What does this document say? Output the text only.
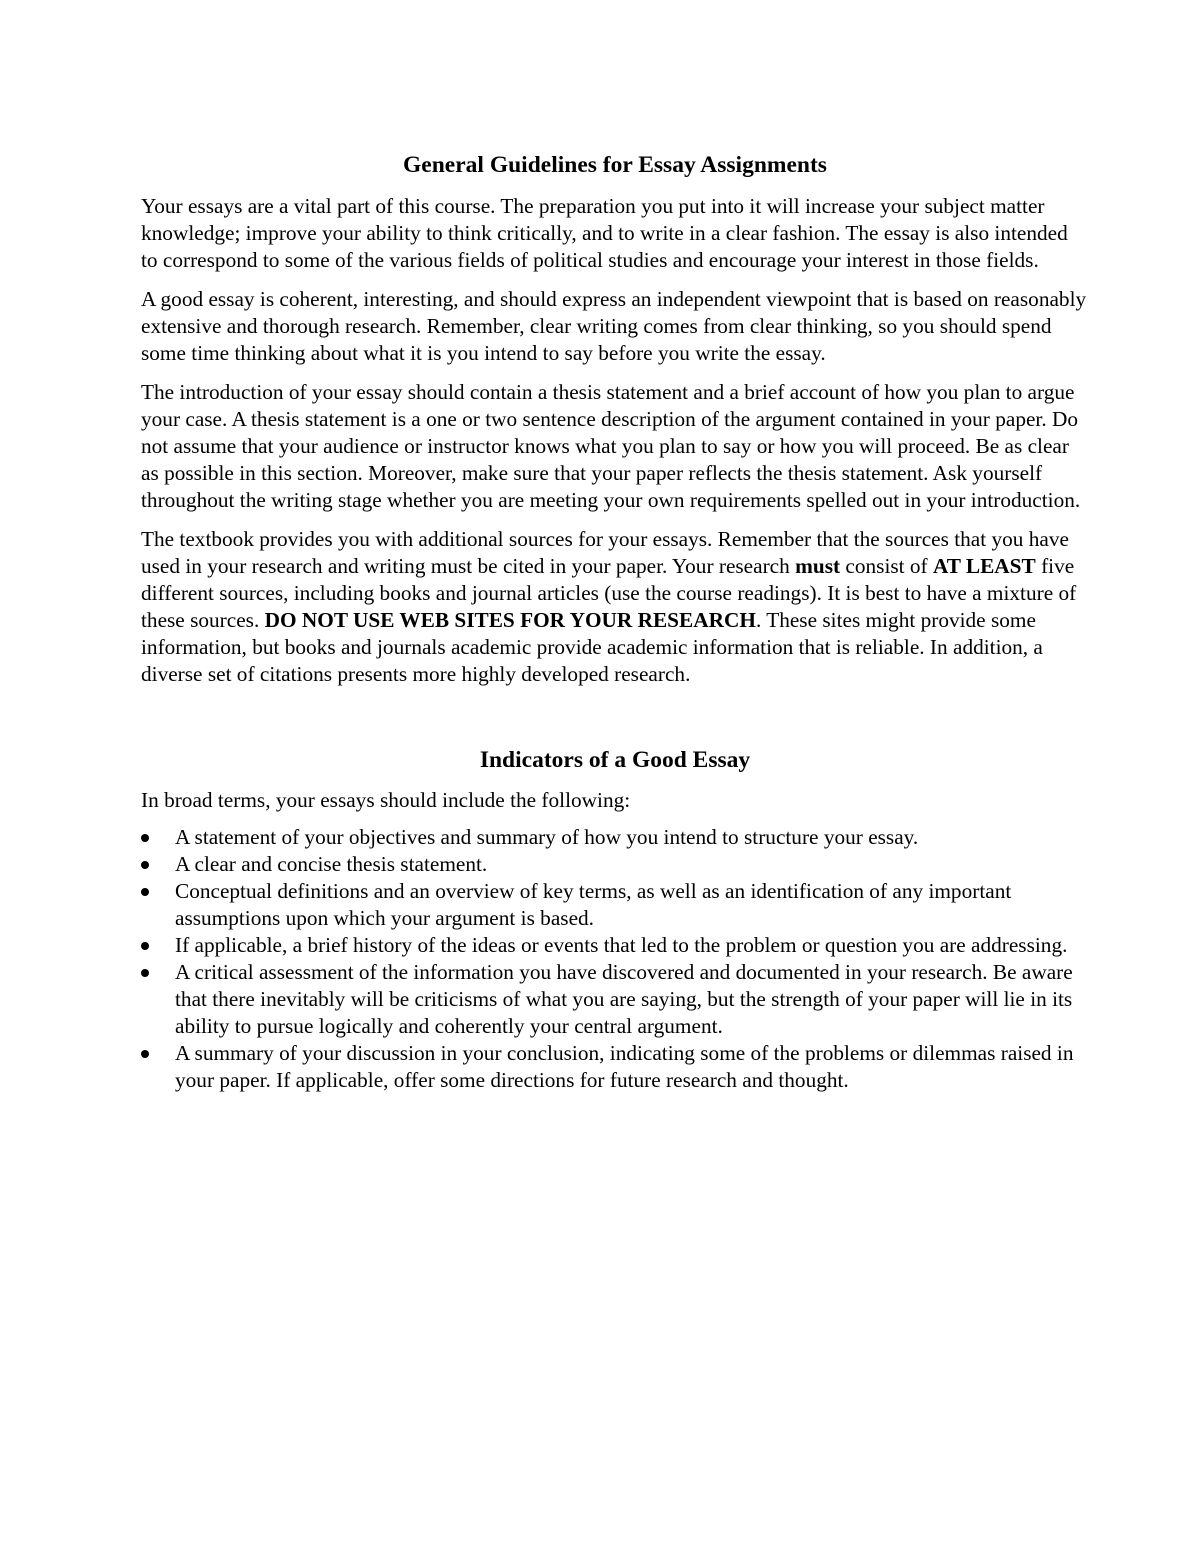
General Guidelines for Essay Assignments

Your essays are a vital part of this course. The preparation you put into it will increase your subject matter knowledge; improve your ability to think critically, and to write in a clear fashion. The essay is also intended to correspond to some of the various fields of political studies and encourage your interest in those fields.

A good essay is coherent, interesting, and should express an independent viewpoint that is based on reasonably extensive and thorough research. Remember, clear writing comes from clear thinking, so you should spend some time thinking about what it is you intend to say before you write the essay.

The introduction of your essay should contain a thesis statement and a brief account of how you plan to argue your case. A thesis statement is a one or two sentence description of the argument contained in your paper. Do not assume that your audience or instructor knows what you plan to say or how you will proceed. Be as clear as possible in this section. Moreover, make sure that your paper reflects the thesis statement. Ask yourself throughout the writing stage whether you are meeting your own requirements spelled out in your introduction.

The textbook provides you with additional sources for your essays. Remember that the sources that you have used in your research and writing must be cited in your paper. Your research must consist of AT LEAST five different sources, including books and journal articles (use the course readings). It is best to have a mixture of these sources. DO NOT USE WEB SITES FOR YOUR RESEARCH. These sites might provide some information, but books and journals academic provide academic information that is reliable. In addition, a diverse set of citations presents more highly developed research.

Indicators of a Good Essay

In broad terms, your essays should include the following:

A statement of your objectives and summary of how you intend to structure your essay.
A clear and concise thesis statement.
Conceptual definitions and an overview of key terms, as well as an identification of any important assumptions upon which your argument is based.
If applicable, a brief history of the ideas or events that led to the problem or question you are addressing.
A critical assessment of the information you have discovered and documented in your research. Be aware that there inevitably will be criticisms of what you are saying, but the strength of your paper will lie in its ability to pursue logically and coherently your central argument.
A summary of your discussion in your conclusion, indicating some of the problems or dilemmas raised in your paper. If applicable, offer some directions for future research and thought.
